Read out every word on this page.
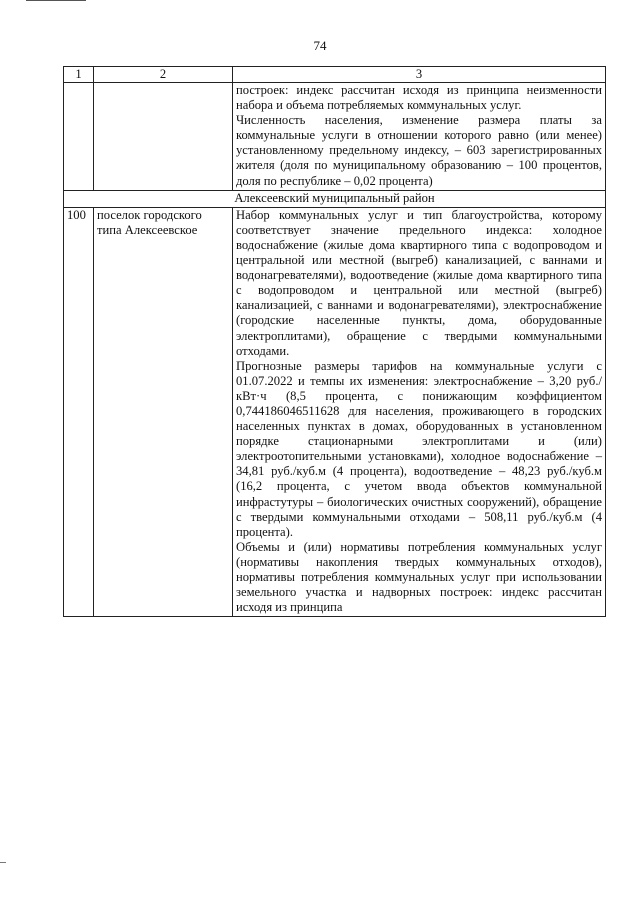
74
1	2	3

		построек: индекс рассчитан исходя из принципа неизменности набора и объема потребляемых коммунальных услуг.

Численность населения, изменение размера платы за коммунальные услуги в отношении которого равно (или менее) установленному предельному индексу, – 603 зарегистрированных жителя (доля по муниципальному образованию – 100 процентов, доля по республике – 0,02 процента)

Алексеевский муниципальный район		
100	поселок городского типа Алексеевское	Набор коммунальных услуг и тип благоустройства, которому соответствует значение предельного индекса: холодное водоснабжение (жилые дома квартирного типа с водопроводом и центральной или местной (выгреб) канализацией, с ваннами и водонагревателями), водоотведение (жилые дома квартирного типа с водопроводом и центральной или местной (выгреб) канализацией, с ваннами и водонагревателями), электроснабжение (городские населенные пункты, дома, оборудованные электроплитами), обращение с твердыми коммунальными отходами.

Прогнозные размеры тарифов на коммунальные услуги с 01.07.2022 и темпы их изменения: электроснабжение – 3,20 руб./кВт·ч (8,5 процента, с понижающим коэффициентом 0,744186046511628 для населения, проживающего в городских населенных пунктах в домах, оборудованных в установленном порядке стационарными электроплитами и (или) электроотопительными установками), холодное водоснабжение – 34,81 руб./куб.м (4 процента), водоотведение – 48,23 руб./куб.м (16,2 процента, с учетом ввода объектов коммунальной инфрастутуры – биологических очистных сооружений), обращение с твердыми коммунальными отходами – 508,11 руб./куб.м (4 процента).

Объемы и (или) нормативы потребления коммунальных услуг (нормативы накопления твердых коммунальных отходов), нормативы потребления коммунальных услуг при использовании земельного участка и надворных построек: индекс рассчитан исходя из принципа
